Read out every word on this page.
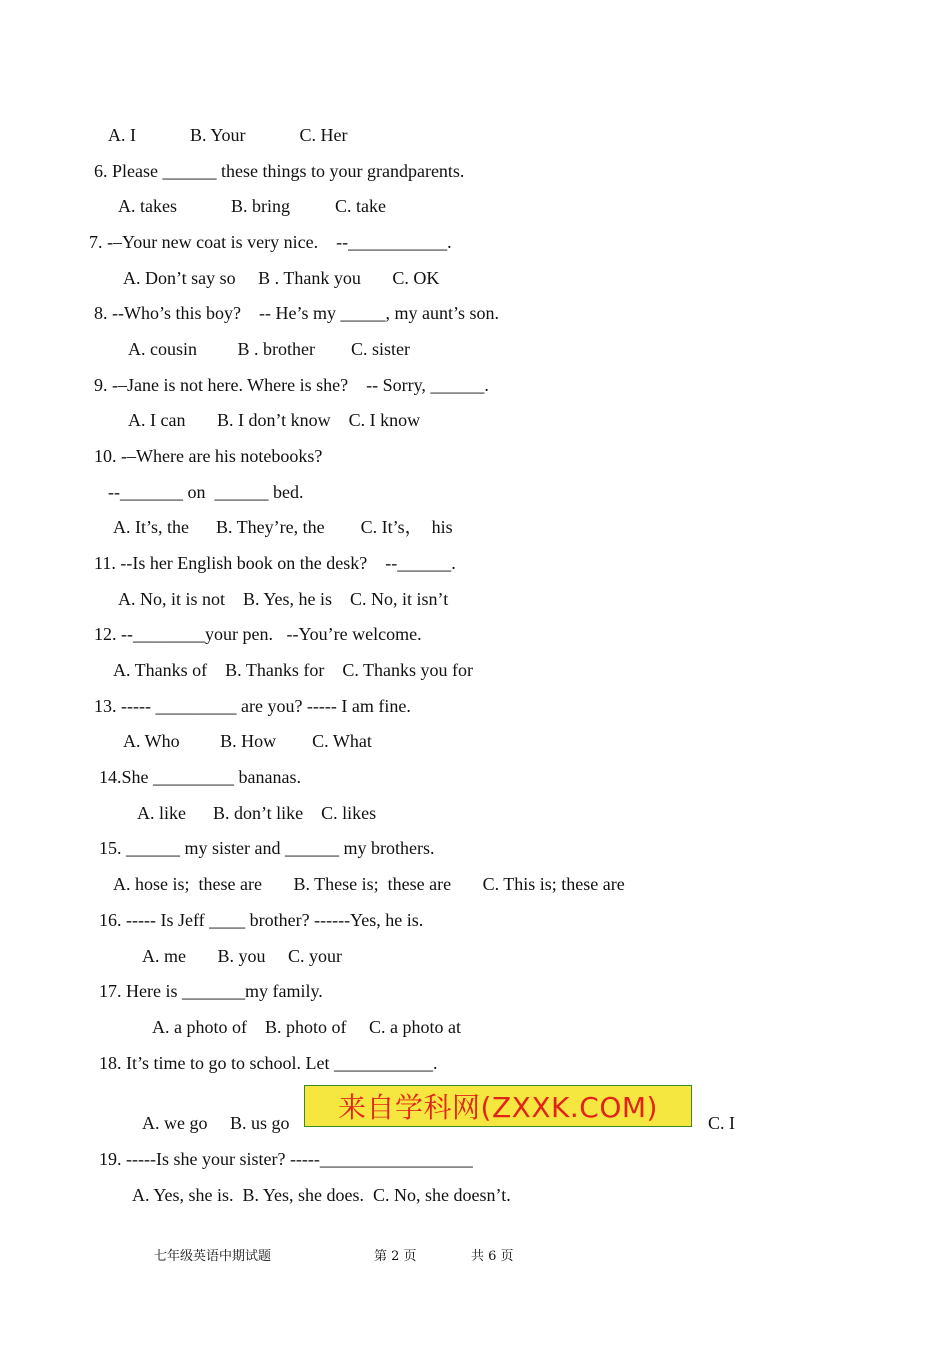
A. I            B. Your            C. Her
6. Please ______ these things to your grandparents.
A. takes            B. bring          C. take
7. -–Your new coat is very nice.    --___________.
A. Don’t say so     B . Thank you       C. OK
8. --Who’s this boy?    -- He’s my _____, my aunt’s son.
A. cousin         B . brother        C. sister
9. -–Jane is not here. Where is she?    -- Sorry, ______.
A. I can       B. I don’t know    C. I know
10. -–Where are his notebooks?
--_______ on  ______ bed.
A. It’s, the      B. They’re, the        C. It’s，  his
11. --Is her English book on the desk?    --______.
A. No, it is not    B. Yes, he is    C. No, it isn’t
12. --________your pen.   --You’re welcome.
A. Thanks of    B. Thanks for    C. Thanks you for
13. ----- _________ are you? ----- I am fine.
A. Who         B. How        C. What
14.She _________ bananas.
A. like      B. don’t like    C. likes
15. ______ my sister and ______ my brothers.
A. hose is;  these are       B. These is;  these are       C. This is; these are
16. ----- Is Jeff ____ brother? ------Yes, he is.
A. me       B. you     C. your
17. Here is _______my family.
A. a photo of    B. photo of     C. a photo at
18. It’s time to go to school. Let ___________.
A. we go     B. us go 来自学科网(ZXXK.COM)	C. I
19. -----Is she your sister? -----_________________
A. Yes, she is.  B. Yes, she does.  C. No, she doesn’t.
七年级英语中期试题	第 2 页	共 6 页
